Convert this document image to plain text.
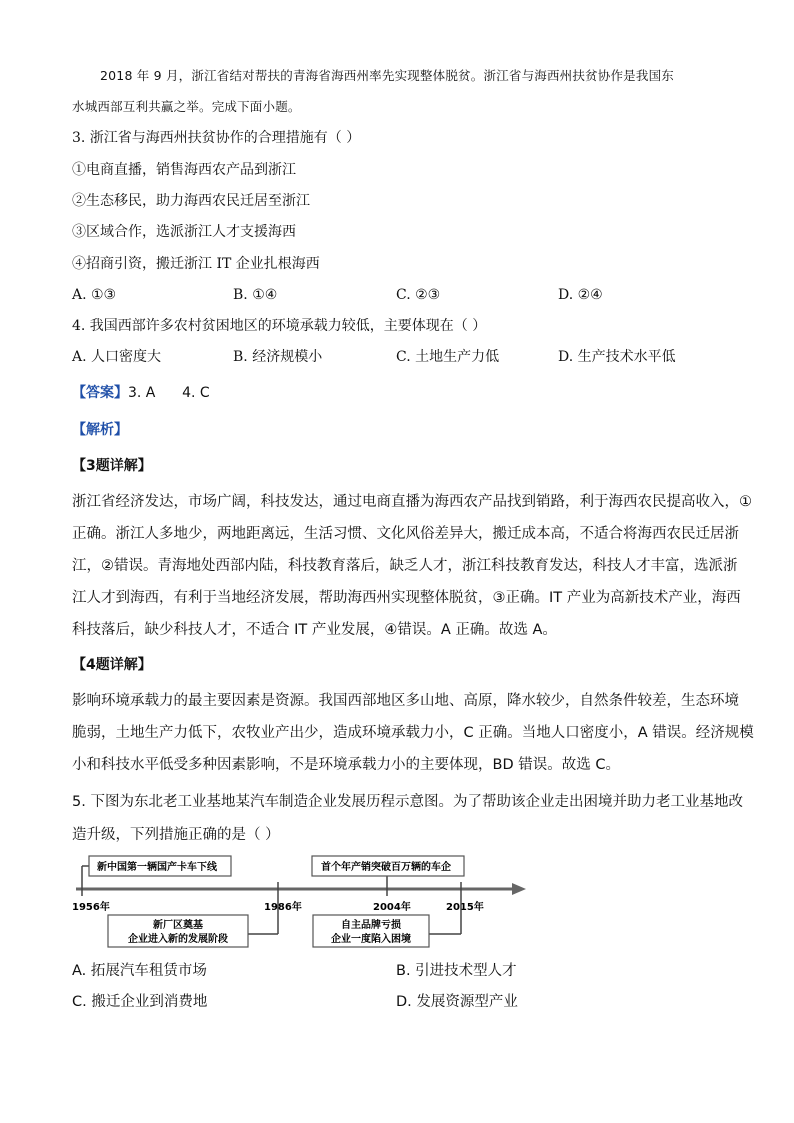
2018 年 9 月，浙江省结对帮扶的青海省海西州率先实现整体脱贫。浙江省与海西州扶贫协作是我国东
水城西部互利共赢之举。完成下面小题。
3. 浙江省与海西州扶贫协作的合理措施有（ ）
①电商直播，销售海西农产品到浙江
②生态移民，助力海西农民迁居至浙江
③区域合作，选派浙江人才支援海西
④招商引资，搬迁浙江 IT 企业扎根海西
A. ①③	B. ①④	C. ②③	D. ②④
4. 我国西部许多农村贫困地区的环境承载力较低，主要体现在（ ）
A. 人口密度大	B. 经济规模小	C. 土地生产力低	D. 生产技术水平低
【答案】3. A      4. C
【解析】
【3题详解】
浙江省经济发达，市场广阔，科技发达，通过电商直播为海西农产品找到销路，利于海西农民提高收入，①
正确。浙江人多地少，两地距离远，生活习惯、文化风俗差异大，搬迁成本高，不适合将海西农民迁居浙
江，②错误。青海地处西部内陆，科技教育落后，缺乏人才，浙江科技教育发达，科技人才丰富，选派浙
江人才到海西，有利于当地经济发展，帮助海西州实现整体脱贫，③正确。IT 产业为高新技术产业，海西
科技落后，缺少科技人才，不适合 IT 产业发展，④错误。A 正确。故选 A。
【4题详解】
影响环境承载力的最主要因素是资源。我国西部地区多山地、高原，降水较少，自然条件较差，生态环境
脆弱，土地生产力低下，农牧业产出少，造成环境承载力小，C 正确。当地人口密度小，A 错误。经济规模
小和科技水平低受多种因素影响，不是环境承载力小的主要体现，BD 错误。故选 C。
5. 下图为东北老工业基地某汽车制造企业发展历程示意图。为了帮助该企业走出困境并助力老工业基地改
造升级，下列措施正确的是（ ）
1956年	1986年	2004年	2015年
新中国第一辆国产卡车下线	首个年产销突破百万辆的车企
新厂区奠基
企业进入新的发展阶段
自主品牌亏损
企业一度陷入困境
A. 拓展汽车租赁市场	B. 引进技术型人才
C. 搬迁企业到消费地	D. 发展资源型产业
